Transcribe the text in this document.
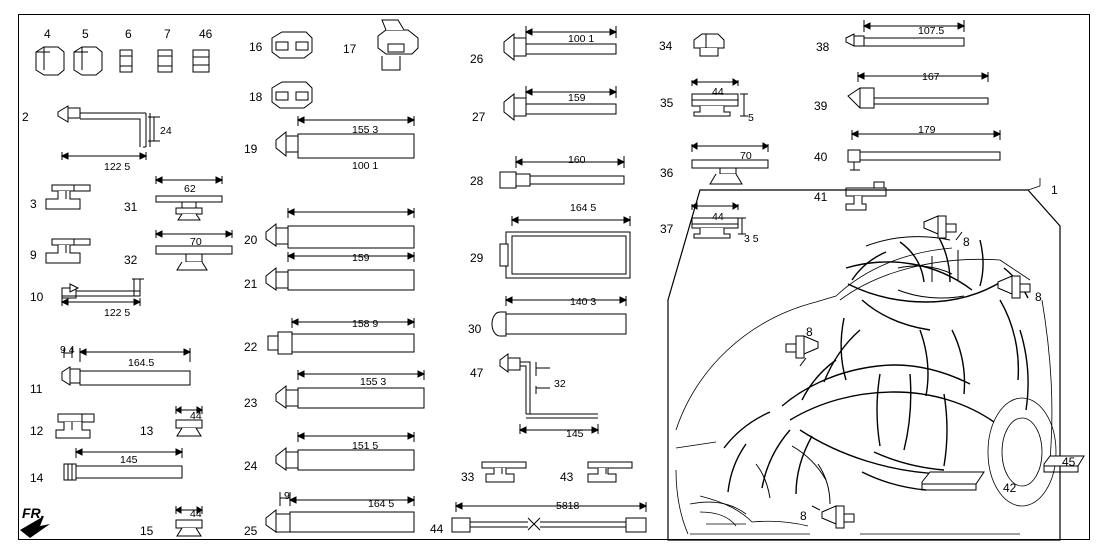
FR.
4	5	6	7 46
16	17
18
26
34	38
2
19
27
35	39
3	31
20
28
36
40
9	32
21
29
37
41	1
10
22
30
11
23
47
12	13
24
14	33	43
15	25	44
45
42
8
8
8
8
122 5
24
62
70
122 5
9 4
164.5
44
145
44
155 3
100 1
159
158 9
155 3
151 5
9
164 5
100 1
159
160
164 5
140 3
32
145
5818
44
5
70
44
3 5
107.5
167
179
